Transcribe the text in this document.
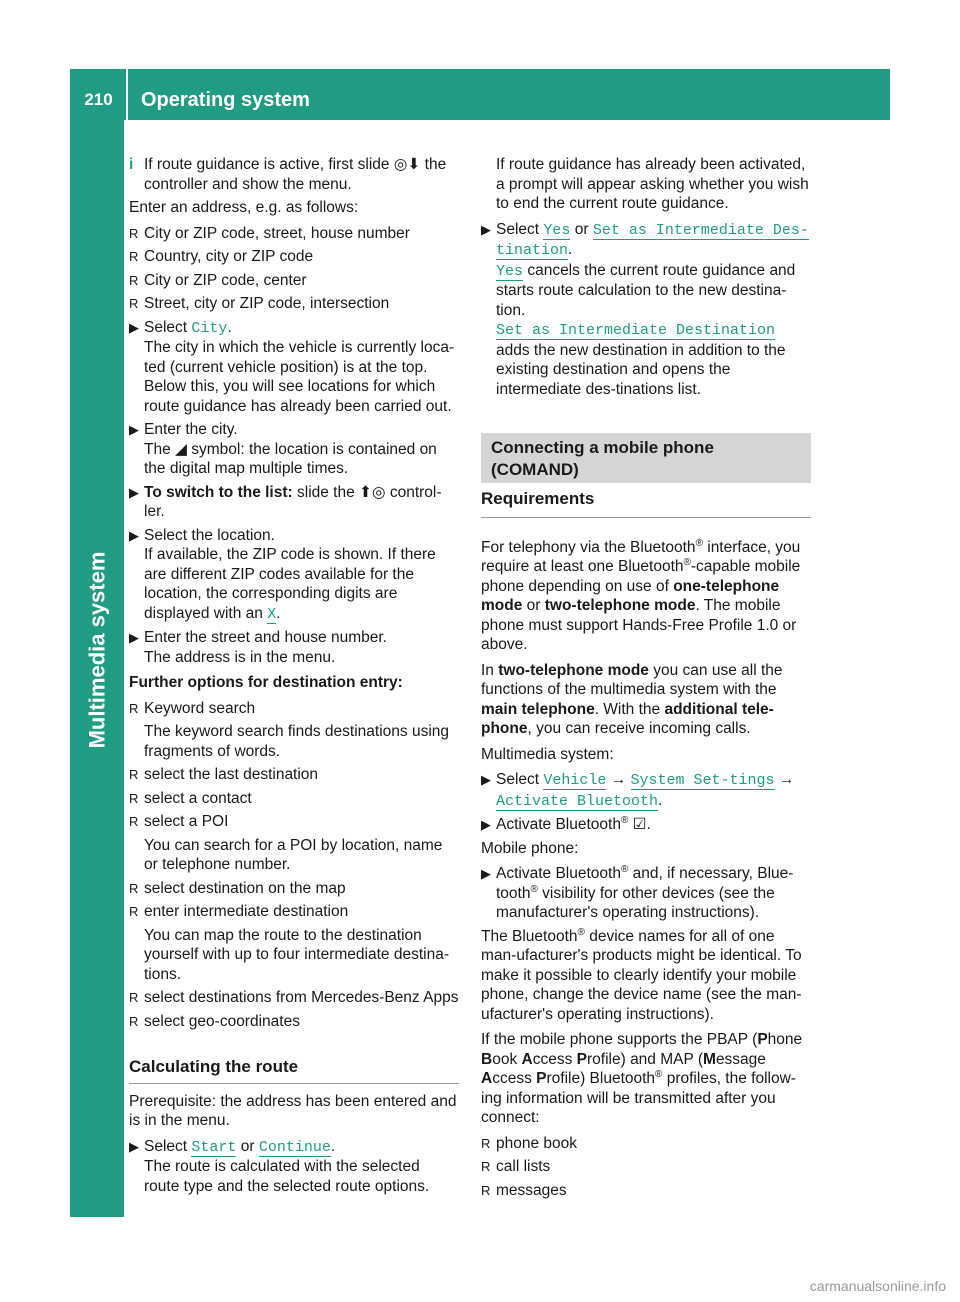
210	Operating system
Multimedia system
i If route guidance is active, first slide ◎⬇ the controller and show the menu.

Enter an address, e.g. as follows:

R City or ZIP code, street, house number
R Country, city or ZIP code
R City or ZIP code, center
R Street, city or ZIP code, intersection
▶ Select City.
The city in which the vehicle is currently loca-ted (current vehicle position) is at the top. Below this, you will see locations for which route guidance has already been carried out.
▶ Enter the city.
The ◢ symbol: the location is contained on the digital map multiple times.
▶ To switch to the list: slide the ⬆◎ control-ler.
▶ Select the location.
If available, the ZIP code is shown. If there are different ZIP codes available for the location, the corresponding digits are displayed with an X.
▶ Enter the street and house number.
The address is in the menu.

Further options for destination entry:

R Keyword search

The keyword search finds destinations using fragments of words.
R select the last destination
R select a contact
R select a POI

You can search for a POI by location, name or telephone number.
R select destination on the map
R enter intermediate destination

You can map the route to the destination yourself with up to four intermediate destina-tions.
R select destinations from Mercedes-Benz Apps
R select geo-coordinates
Calculating the route

Prerequisite: the address has been entered and is in the menu.

▶ Select Start or Continue.
The route is calculated with the selected route type and the selected route options.

If route guidance has already been activated, a prompt will appear asking whether you wish to end the current route guidance.

▶ Select Yes or Set as Intermediate Des-tination.
Yes cancels the current route guidance and starts route calculation to the new destina-tion.
Set as Intermediate Destination adds the new destination in addition to the existing destination and opens the intermediate des-tinations list.
Connecting a mobile phone (COMAND)
Requirements

For telephony via the Bluetooth® interface, you require at least one Bluetooth®-capable mobile phone depending on use of one-telephone mode or two-telephone mode. The mobile phone must support Hands-Free Profile 1.0 or above.

In two-telephone mode you can use all the functions of the multimedia system with the main telephone. With the additional tele-phone, you can receive incoming calls.

Multimedia system:

▶ Select Vehicle → System Set-tings → Activate Bluetooth.
▶ Activate Bluetooth® ☑.

Mobile phone:

▶ Activate Bluetooth® and, if necessary, Blue-tooth® visibility for other devices (see the manufacturer's operating instructions).

The Bluetooth® device names for all of one man-ufacturer's products might be identical. To make it possible to clearly identify your mobile phone, change the device name (see the man-ufacturer's operating instructions).

If the mobile phone supports the PBAP (Phone Book Access Profile) and MAP (Message Access Profile) Bluetooth® profiles, the follow-ing information will be transmitted after you connect:

R phone book
R call lists
R messages
carmanualsonline.info
